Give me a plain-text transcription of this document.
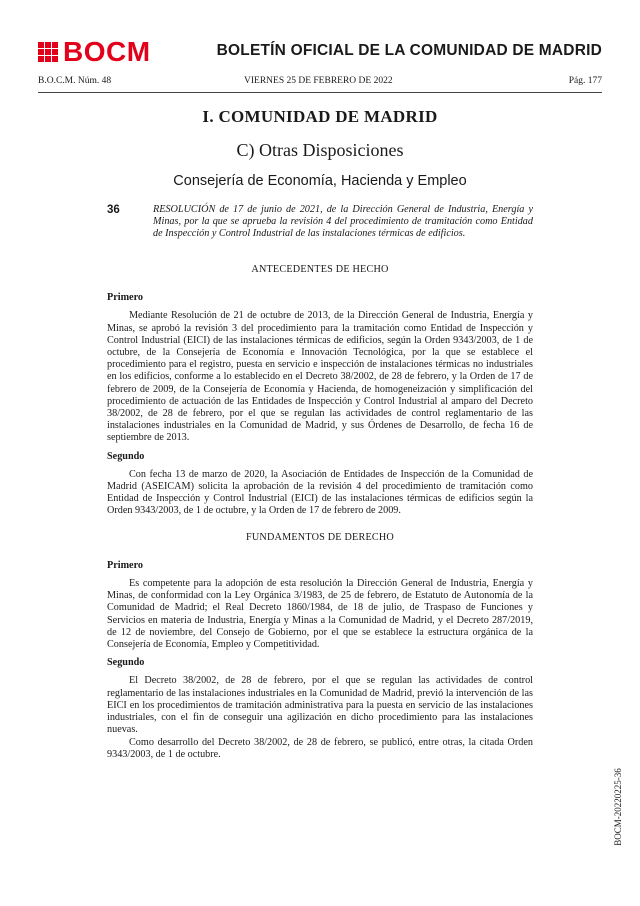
BOCM	BOLETÍN OFICIAL DE LA COMUNIDAD DE MADRID
B.O.C.M. Núm. 48	VIERNES 25 DE FEBRERO DE 2022	Pág. 177
I. COMUNIDAD DE MADRID
C) Otras Disposiciones
Consejería de Economía, Hacienda y Empleo
36	RESOLUCIÓN de 17 de junio de 2021, de la Dirección General de Industria, Energía y Minas, por la que se aprueba la revisión 4 del procedimiento de tramitación como Entidad de Inspección y Control Industrial de las instalaciones térmicas de edificios.
ANTECEDENTES DE HECHO
Primero

Mediante Resolución de 21 de octubre de 2013, de la Dirección General de Industria, Energía y Minas, se aprobó la revisión 3 del procedimiento para la tramitación como Entidad de Inspección y Control Industrial (EICI) de las instalaciones térmicas de edificios, según la Orden 9343/2003, de 1 de octubre, de la Consejería de Economía e Innovación Tecnológica, por la que se establece el procedimiento para el registro, puesta en servicio e inspección de instalaciones térmicas no industriales en los edificios, conforme a lo establecido en el Decreto 38/2002, de 28 de febrero, y la Orden de 17 de febrero de 2009, de la Consejería de Economía y Hacienda, de homogeneización y simplificación del procedimiento de actuación de las Entidades de Inspección y Control Industrial al amparo del Decreto 38/2002, de 28 de febrero, por el que se regulan las actividades de control reglamentario de las instalaciones industriales en la Comunidad de Madrid, y sus Órdenes de Desarrollo, de fecha 16 de septiembre de 2013.

Segundo

Con fecha 13 de marzo de 2020, la Asociación de Entidades de Inspección de la Comunidad de Madrid (ASEICAM) solicita la aprobación de la revisión 4 del procedimiento de tramitación como Entidad de Inspección y Control Industrial (EICI) de las instalaciones térmicas de edificios según la Orden 9343/2003, de 1 de octubre, y la Orden de 17 de febrero de 2009.

FUNDAMENTOS DE DERECHO
Primero

Es competente para la adopción de esta resolución la Dirección General de Industria, Energía y Minas, de conformidad con la Ley Orgánica 3/1983, de 25 de febrero, de Estatuto de Autonomía de la Comunidad de Madrid; el Real Decreto 1860/1984, de 18 de julio, de Traspaso de Funciones y Servicios en materia de Industria, Energía y Minas a la Comunidad de Madrid, y el Decreto 287/2019, de 12 de noviembre, del Consejo de Gobierno, por el que se establece la estructura orgánica de la Consejería de Economía, Empleo y Competitividad.

Segundo

El Decreto 38/2002, de 28 de febrero, por el que se regulan las actividades de control reglamentario de las instalaciones industriales en la Comunidad de Madrid, previó la intervención de las EICI en los procedimientos de tramitación administrativa para la puesta en servicio de las instalaciones industriales, con el fin de conseguir una agilización en dicho procedimiento para las instalaciones nuevas.

Como desarrollo del Decreto 38/2002, de 28 de febrero, se publicó, entre otras, la citada Orden 9343/2003, de 1 de octubre.

BOCM-20220225-36
